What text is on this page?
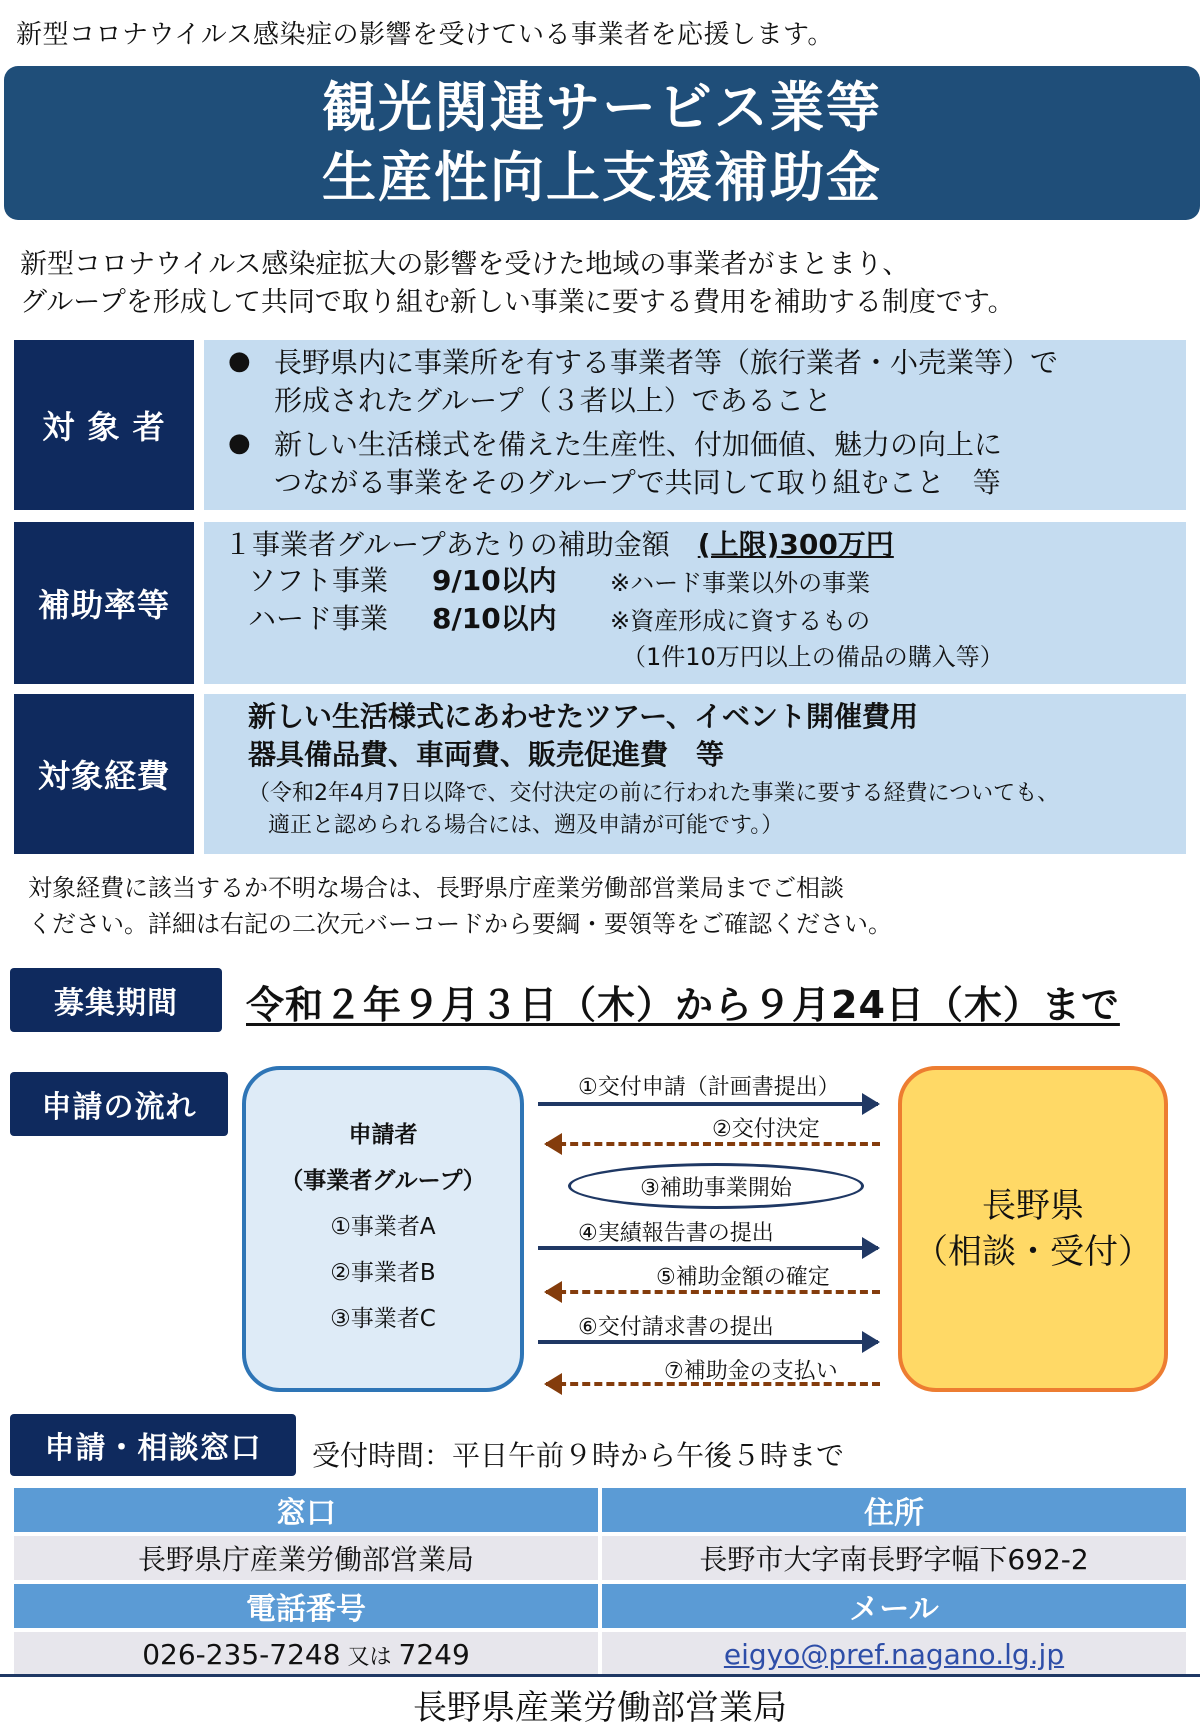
新型コロナウイルス感染症の影響を受けている事業者を応援します。
観光関連サービス業等
生産性向上支援補助金
新型コロナウイルス感染症拡大の影響を受けた地域の事業者がまとまり、
グループを形成して共同で取り組む新しい事業に要する費用を補助する制度です。
対 象 者
● 長野県内に事業所を有する事業者等（旅行業者・小売業等）で
形成されたグループ（３者以上）であること
● 新しい生活様式を備えた生産性、付加価値、魅力の向上に
つながる事業をそのグループで共同して取り組むこと　等
補助率等
１事業者グループあたりの補助金額　(上限)300万円
ソフト事業 9/10以内 ※ハード事業以外の事業
ハード事業 8/10以内 ※資産形成に資するもの
（1件10万円以上の備品の購入等）
対象経費
新しい生活様式にあわせたツアー、イベント開催費用
器具備品費、車両費、販売促進費　等
（令和2年4月7日以降で、交付決定の前に行われた事業に要する経費についても、
適正と認められる場合には、遡及申請が可能です。）
対象経費に該当するか不明な場合は、長野県庁産業労働部営業局までご相談
ください。詳細は右記の二次元バーコードから要綱・要領等をご確認ください。
募集期間	令和２年９月３日（木）から９月24日（木）まで
申請の流れ
申請者
（事業者グループ）
①事業者A
②事業者B
③事業者C
長野県
（相談・受付）
①交付申請（計画書提出）
②交付決定
③補助事業開始
④実績報告書の提出
⑤補助金額の確定
⑥交付請求書の提出
⑦補助金の支払い
申請・相談窓口	受付時間：平日午前９時から午後５時まで
窓口	住所
長野県庁産業労働部営業局	長野市大字南長野字幅下692-2
電話番号	メール
026-235-7248 又は 7249	eigyo@pref.nagano.lg.jp
長野県産業労働部営業局
